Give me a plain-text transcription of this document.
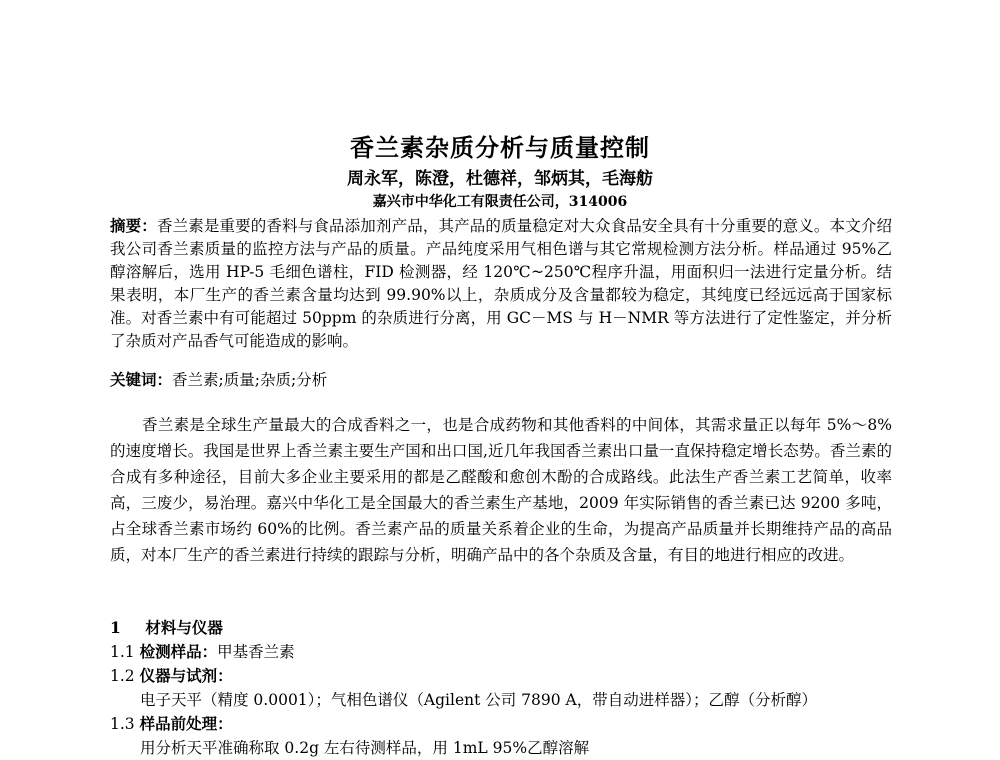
香兰素杂质分析与质量控制
周永军，陈澄，杜德祥，邹炳其，毛海舫
嘉兴市中华化工有限责任公司，314006
摘要：香兰素是重要的香料与食品添加剂产品，其产品的质量稳定对大众食品安全具有十分重要的意义。本文介绍我公司香兰素质量的监控方法与产品的质量。产品纯度采用气相色谱与其它常规检测方法分析。样品通过 95%乙醇溶解后，选用 HP-5 毛细色谱柱，FID 检测器，经 120℃~250℃程序升温，用面积归一法进行定量分析。结果表明，本厂生产的香兰素含量均达到 99.90%以上，杂质成分及含量都较为稳定，其纯度已经远远高于国家标准。对香兰素中有可能超过 50ppm 的杂质进行分离，用 GC－MS 与 H－NMR 等方法进行了定性鉴定，并分析了杂质对产品香气可能造成的影响。
关键词：香兰素;质量;杂质;分析
香兰素是全球生产量最大的合成香料之一，也是合成药物和其他香料的中间体，其需求量正以每年 5%～8%的速度增长。我国是世界上香兰素主要生产国和出口国,近几年我国香兰素出口量一直保持稳定增长态势。香兰素的合成有多种途径，目前大多企业主要采用的都是乙醛酸和愈创木酚的合成路线。此法生产香兰素工艺简单，收率高，三废少，易治理。嘉兴中华化工是全国最大的香兰素生产基地，2009 年实际销售的香兰素已达 9200 多吨，占全球香兰素市场约 60%的比例。香兰素产品的质量关系着企业的生命，为提高产品质量并长期维持产品的高品质，对本厂生产的香兰素进行持续的跟踪与分析，明确产品中的各个杂质及含量，有目的地进行相应的改进。
1 材料与仪器
1.1 检测样品：甲基香兰素
1.2 仪器与试剂：
电子天平（精度 0.0001）；气相色谱仪（Agilent 公司 7890 A，带自动进样器）；乙醇（分析醇）
1.3 样品前处理：
用分析天平准确称取 0.2g 左右待测样品，用 1mL 95%乙醇溶解
